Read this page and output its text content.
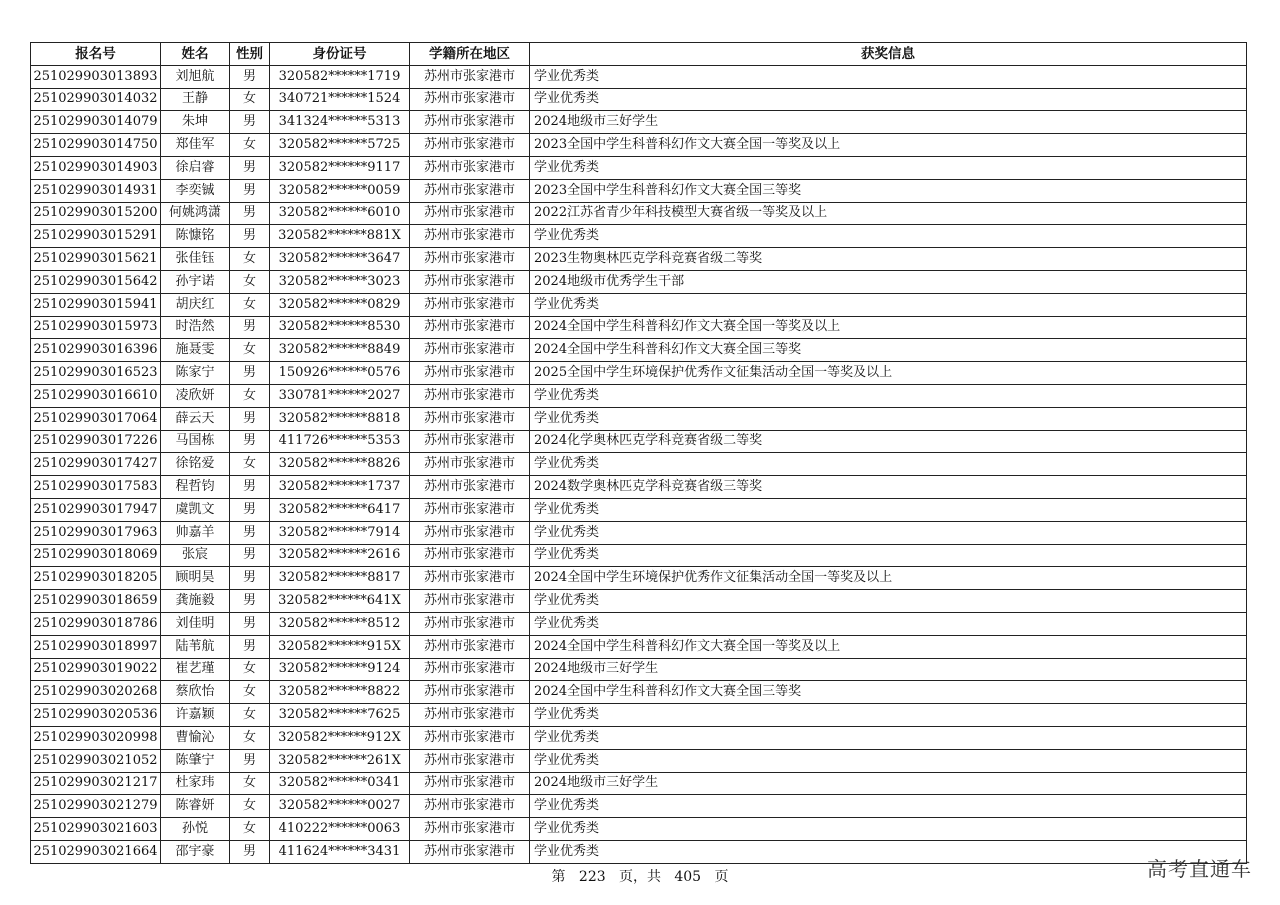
报名号	姓名	性别	身份证号	学籍所在地区	获奖信息
251029903013893	刘旭航	男	320582******1719	苏州市张家港市	学业优秀类
251029903014032	王静	女	340721******1524	苏州市张家港市	学业优秀类
251029903014079	朱坤	男	341324******5313	苏州市张家港市	2024地级市三好学生
251029903014750	郑佳军	女	320582******5725	苏州市张家港市	2023全国中学生科普科幻作文大赛全国一等奖及以上
251029903014903	徐启睿	男	320582******9117	苏州市张家港市	学业优秀类
251029903014931	李奕铖	男	320582******0059	苏州市张家港市	2023全国中学生科普科幻作文大赛全国三等奖
251029903015200	何姚鸿潇	男	320582******6010	苏州市张家港市	2022江苏省青少年科技模型大赛省级一等奖及以上
251029903015291	陈慷铭	男	320582******881X	苏州市张家港市	学业优秀类
251029903015621	张佳钰	女	320582******3647	苏州市张家港市	2023生物奥林匹克学科竞赛省级二等奖
251029903015642	孙宇诺	女	320582******3023	苏州市张家港市	2024地级市优秀学生干部
251029903015941	胡庆红	女	320582******0829	苏州市张家港市	学业优秀类
251029903015973	时浩然	男	320582******8530	苏州市张家港市	2024全国中学生科普科幻作文大赛全国一等奖及以上
251029903016396	施聂雯	女	320582******8849	苏州市张家港市	2024全国中学生科普科幻作文大赛全国三等奖
251029903016523	陈家宁	男	150926******0576	苏州市张家港市	2025全国中学生环境保护优秀作文征集活动全国一等奖及以上
251029903016610	凌欣妍	女	330781******2027	苏州市张家港市	学业优秀类
251029903017064	薛云天	男	320582******8818	苏州市张家港市	学业优秀类
251029903017226	马国栋	男	411726******5353	苏州市张家港市	2024化学奥林匹克学科竞赛省级二等奖
251029903017427	徐铭爱	女	320582******8826	苏州市张家港市	学业优秀类
251029903017583	程哲钧	男	320582******1737	苏州市张家港市	2024数学奥林匹克学科竞赛省级三等奖
251029903017947	虞凯文	男	320582******6417	苏州市张家港市	学业优秀类
251029903017963	帅嘉羊	男	320582******7914	苏州市张家港市	学业优秀类
251029903018069	张宸	男	320582******2616	苏州市张家港市	学业优秀类
251029903018205	顾明昊	男	320582******8817	苏州市张家港市	2024全国中学生环境保护优秀作文征集活动全国一等奖及以上
251029903018659	龚施毅	男	320582******641X	苏州市张家港市	学业优秀类
251029903018786	刘佳明	男	320582******8512	苏州市张家港市	学业优秀类
251029903018997	陆苇航	男	320582******915X	苏州市张家港市	2024全国中学生科普科幻作文大赛全国一等奖及以上
251029903019022	崔艺瑾	女	320582******9124	苏州市张家港市	2024地级市三好学生
251029903020268	蔡欣怡	女	320582******8822	苏州市张家港市	2024全国中学生科普科幻作文大赛全国三等奖
251029903020536	许嘉颖	女	320582******7625	苏州市张家港市	学业优秀类
251029903020998	曹愉沁	女	320582******912X	苏州市张家港市	学业优秀类
251029903021052	陈肇宁	男	320582******261X	苏州市张家港市	学业优秀类
251029903021217	杜家玮	女	320582******0341	苏州市张家港市	2024地级市三好学生
251029903021279	陈睿妍	女	320582******0027	苏州市张家港市	学业优秀类
251029903021603	孙悦	女	410222******0063	苏州市张家港市	学业优秀类
251029903021664	邵宇豪	男	411624******3431	苏州市张家港市	学业优秀类
第 223 页，共 405 页	高考直通车
